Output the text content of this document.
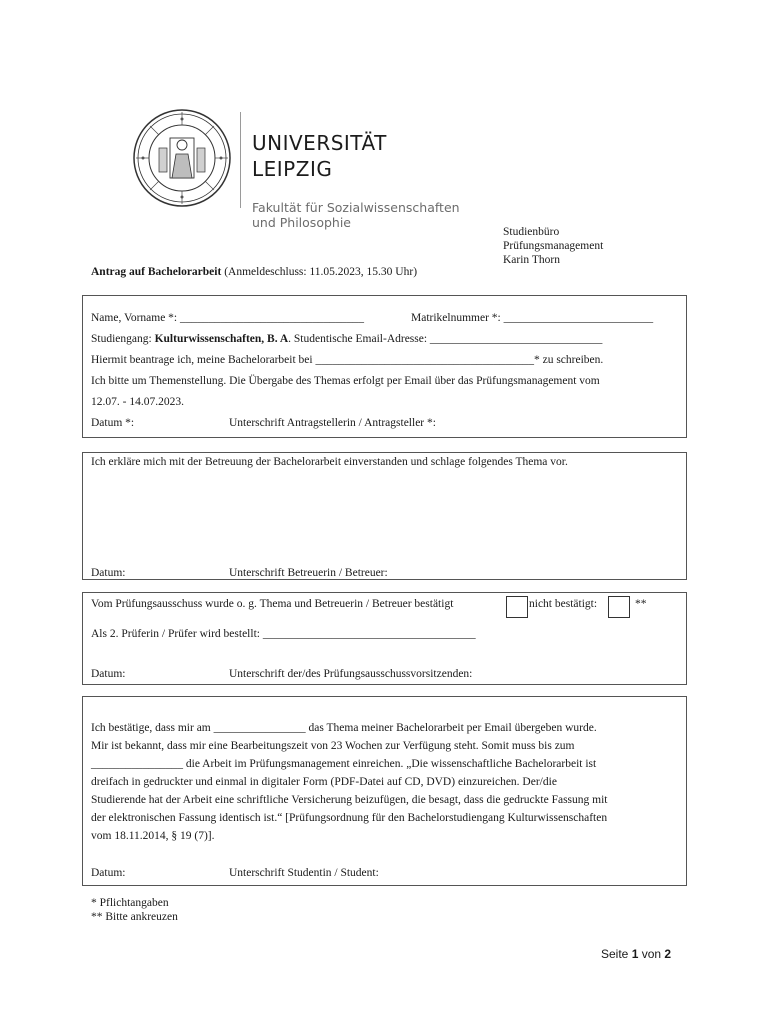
UNIVERSITÄT
LEIPZIG
Fakultät für Sozialwissenschaften
und Philosophie
Studienbüro
Prüfungsmanagement
Karin Thorn
Antrag auf Bachelorarbeit (Anmeldeschluss: 11.05.2023, 15.30 Uhr)
Name, Vorname *: ________________________________	Matrikelnummer *: __________________________
Studiengang: Kulturwissenschaften, B. A. Studentische Email-Adresse: ______________________________
Hiermit beantrage ich, meine Bachelorarbeit bei ______________________________________* zu schreiben.
Ich bitte um Themenstellung. Die Übergabe des Themas erfolgt per Email über das Prüfungsmanagement vom
12.07. - 14.07.2023.
Datum *:	Unterschrift Antragstellerin / Antragsteller *:
Ich erkläre mich mit der Betreuung der Bachelorarbeit einverstanden und schlage folgendes Thema vor.
Datum:	Unterschrift Betreuerin / Betreuer:
Vom Prüfungsausschuss wurde o. g. Thema und Betreuerin / Betreuer bestätigt	nicht bestätigt:	**
Als 2. Prüferin / Prüfer wird bestellt: _____________________________________
Datum:	Unterschrift der/des Prüfungsausschussvorsitzenden:
Ich bestätige, dass mir am ________________ das Thema meiner Bachelorarbeit per Email übergeben wurde.
Mir ist bekannt, dass mir eine Bearbeitungszeit von 23 Wochen zur Verfügung steht. Somit muss bis zum
________________ die Arbeit im Prüfungsmanagement einreichen. „Die wissenschaftliche Bachelorarbeit ist
dreifach in gedruckter und einmal in digitaler Form (PDF-Datei auf CD, DVD) einzureichen. Der/die
Studierende hat der Arbeit eine schriftliche Versicherung beizufügen, die besagt, dass die gedruckte Fassung mit
der elektronischen Fassung identisch ist.“ [Prüfungsordnung für den Bachelorstudiengang Kulturwissenschaften
vom 18.11.2014, § 19 (7)].
Datum:	Unterschrift Studentin / Student:
* Pflichtangaben
** Bitte ankreuzen
Seite 1 von 2
